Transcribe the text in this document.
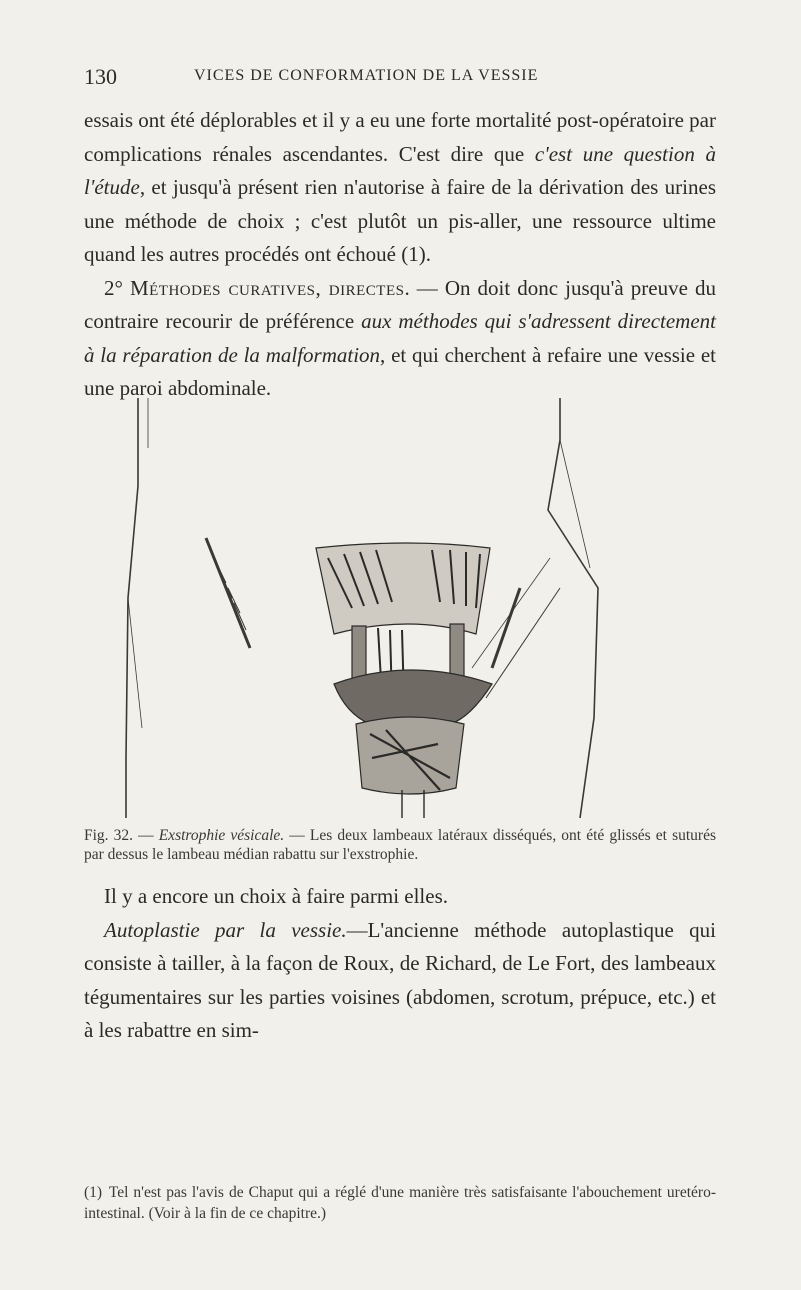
130	VICES DE CONFORMATION DE LA VESSIE

essais ont été déplorables et il y a eu une forte mortalité post-opératoire par complications rénales ascendantes. C'est dire que c'est une question à l'étude, et jusqu'à présent rien n'autorise à faire de la dérivation des urines une méthode de choix ; c'est plutôt un pis-aller, une ressource ultime quand les autres procédés ont échoué (1).

2° Méthodes curatives, directes. — On doit donc jusqu'à preuve du contraire recourir de préférence aux méthodes qui s'adressent directement à la réparation de la malformation, et qui cherchent à refaire une vessie et une paroi abdominale.

Fig. 32. — Exstrophie vésicale. — Les deux lambeaux latéraux disséqués, ont été glissés et suturés par dessus le lambeau médian rabattu sur l'exstrophie.

Il y a encore un choix à faire parmi elles.

Autoplastie par la vessie.—L'ancienne méthode autoplastique qui consiste à tailler, à la façon de Roux, de Richard, de Le Fort, des lambeaux tégumentaires sur les parties voisines (abdomen, scrotum, prépuce, etc.) et à les rabattre en sim-

(1) Tel n'est pas l'avis de Chaput qui a réglé d'une manière très satisfaisante l'abouchement uretéro-intestinal. (Voir à la fin de ce chapitre.)
